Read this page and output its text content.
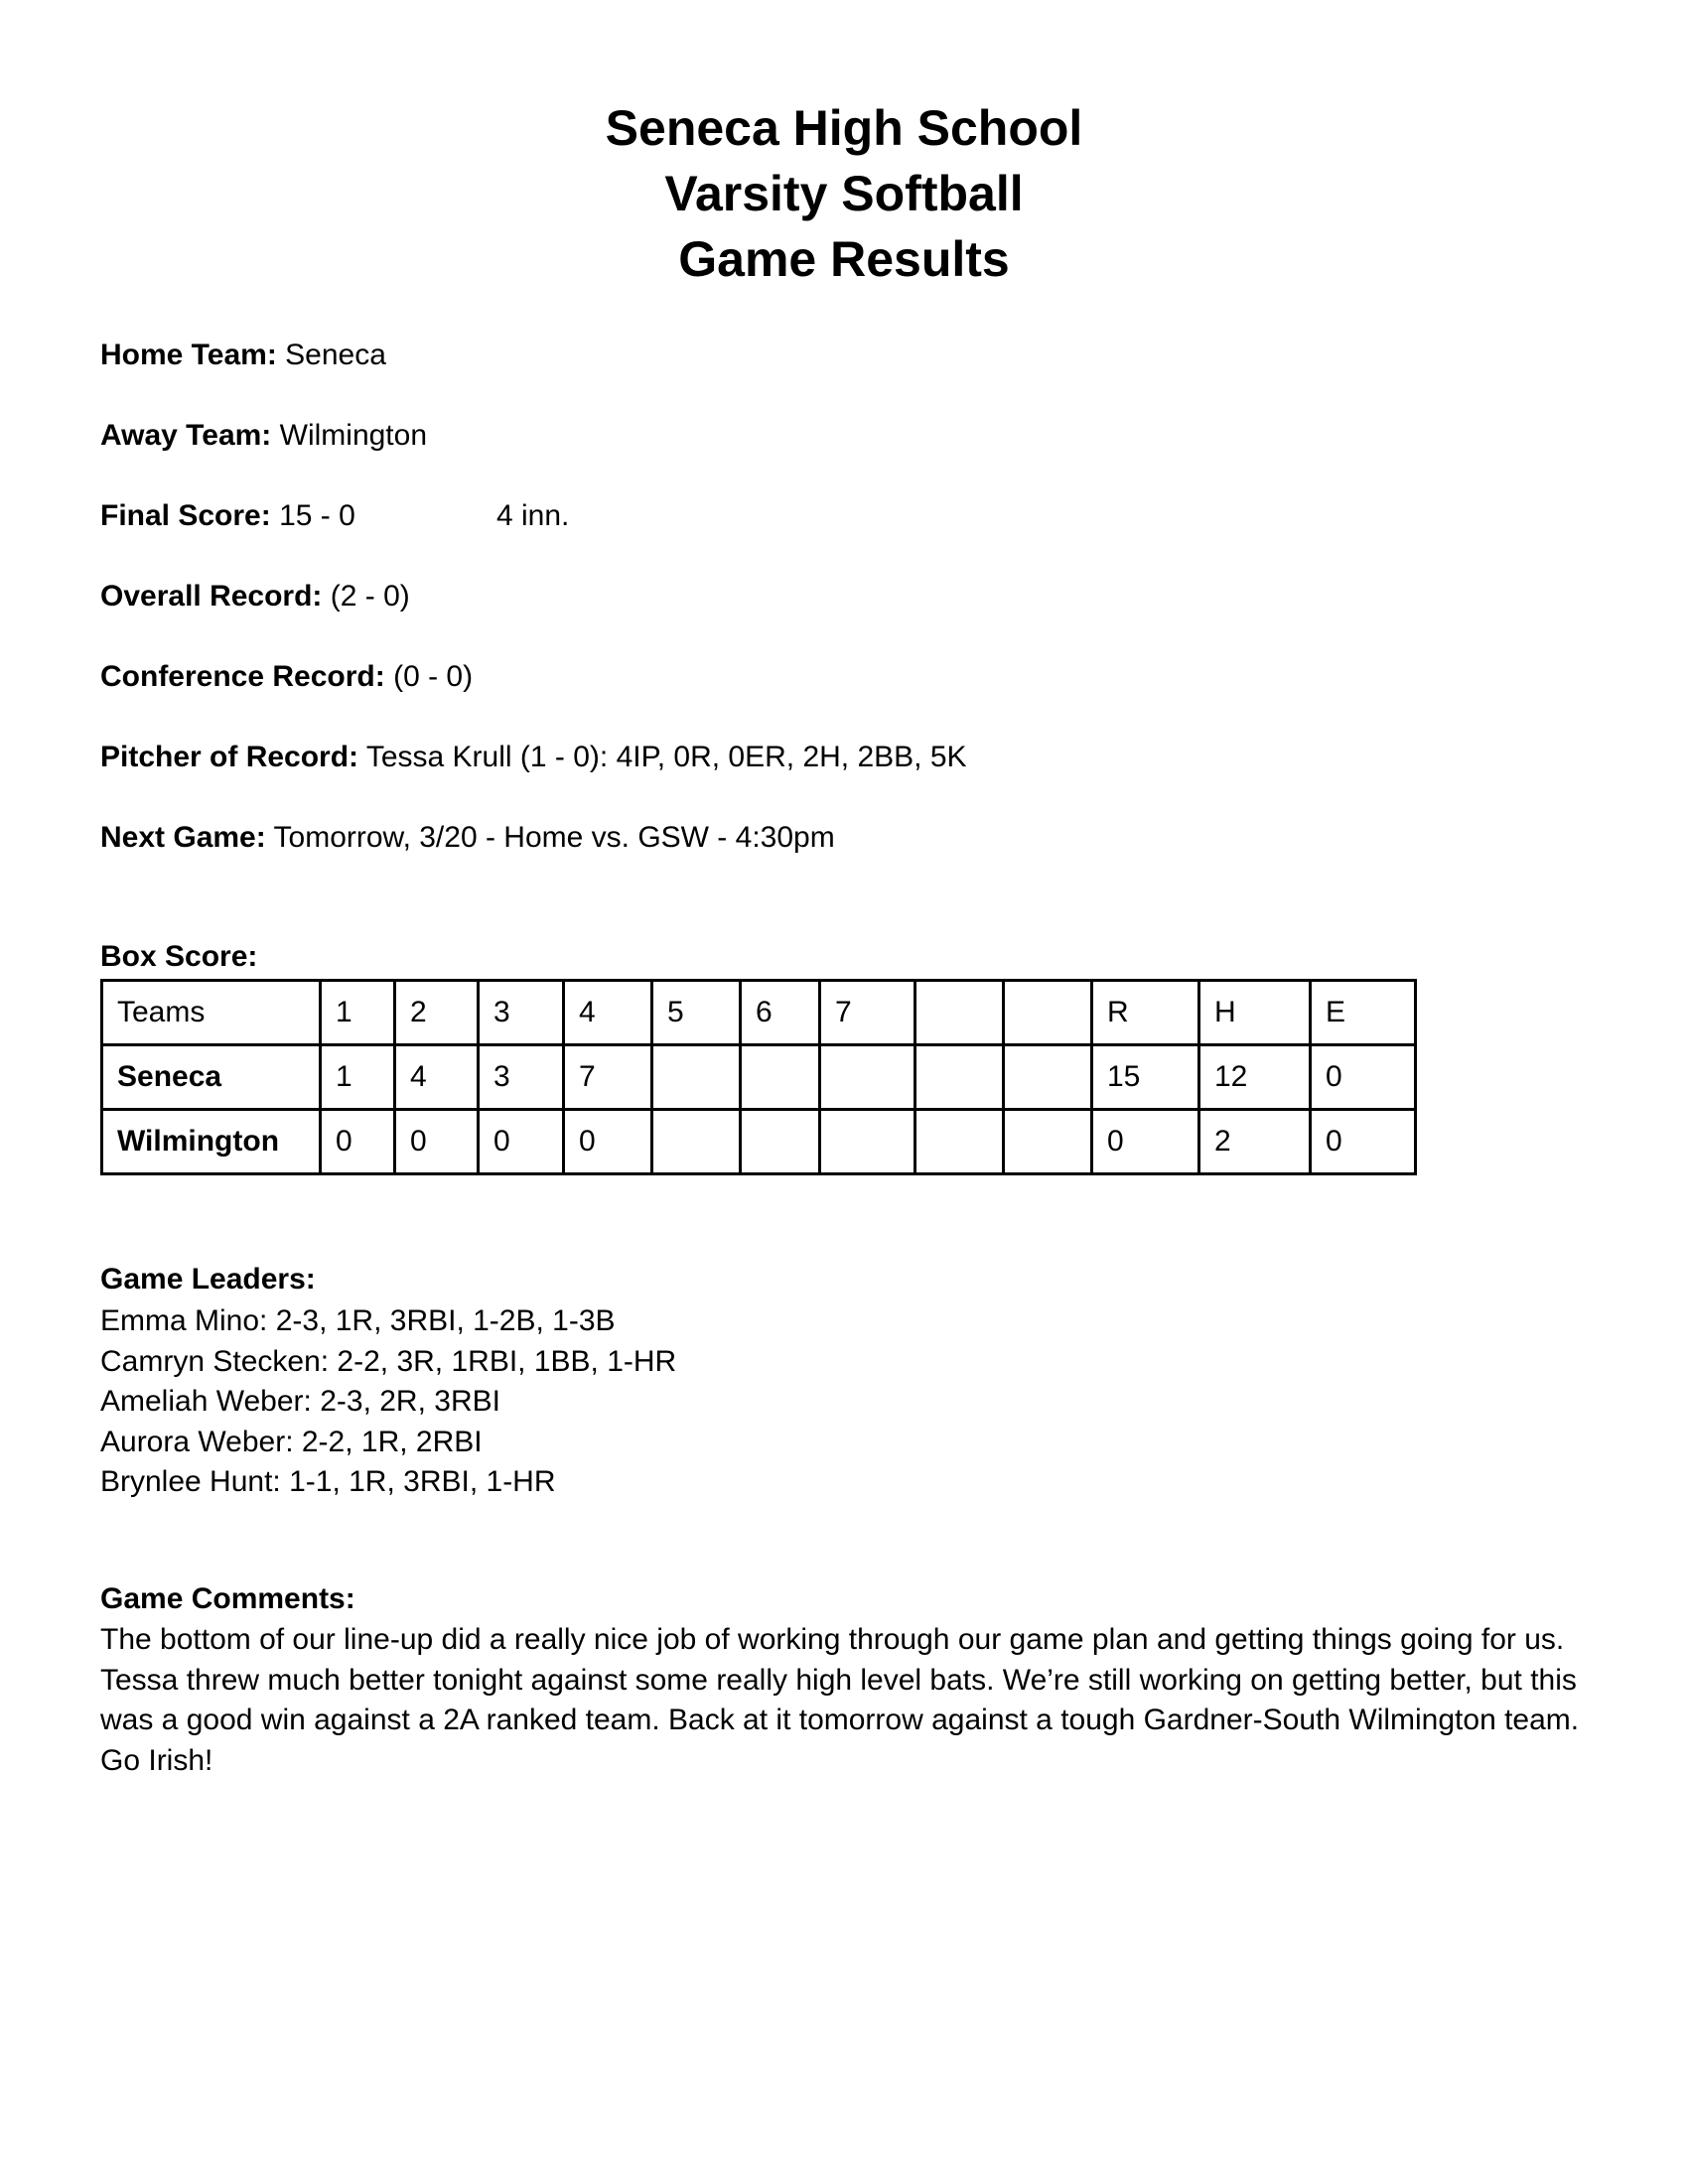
Seneca High School
Varsity Softball
Game Results
Home Team: Seneca
Away Team: Wilmington
Final Score: 15 - 0	4 inn.
Overall Record: (2 - 0)
Conference Record: (0 - 0)
Pitcher of Record: Tessa Krull (1 - 0): 4IP, 0R, 0ER, 2H, 2BB, 5K
Next Game: Tomorrow, 3/20 - Home vs. GSW - 4:30pm
Box Score:
Teams	1	2	3	4	5	6	7			R	H	E
Seneca	1	4	3	7						15	12	0
Wilmington	0	0	0	0						0	2	0
Game Leaders:
Emma Mino: 2-3, 1R, 3RBI, 1-2B, 1-3B
Camryn Stecken: 2-2, 3R, 1RBI, 1BB, 1-HR
Ameliah Weber: 2-3, 2R, 3RBI
Aurora Weber: 2-2, 1R, 2RBI
Brynlee Hunt: 1-1, 1R, 3RBI, 1-HR
Game Comments:
The bottom of our line-up did a really nice job of working through our game plan and getting things going for us. Tessa threw much better tonight against some really high level bats. We’re still working on getting better, but this was a good win against a 2A ranked team. Back at it tomorrow against a tough Gardner-South Wilmington team. Go Irish!
